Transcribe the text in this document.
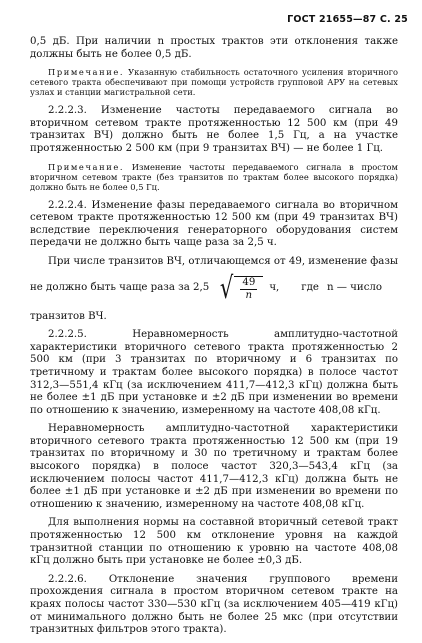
ГОСТ 21655—87 С. 25

0,5 дБ. При наличии n простых трактов эти отклонения также должны быть не более 0,5 дБ.

Примечание. Указанную стабильность остаточного усиления вторичного сетевого тракта обеспечивают при помощи устройств групповой АРУ на сетевых узлах и станции магистральной сети.

2.2.2.3. Изменение частоты передаваемого сигнала во вторичном сетевом тракте протяженностью 12 500 км (при 49 транзитах ВЧ) должно быть не более 1,5 Гц, а на участке протяженностью 2 500 км (при 9 транзитах ВЧ) — не более 1 Гц.

Примечание. Изменение частоты передаваемого сигнала в простом вторичном сетевом тракте (без транзитов по трактам более высокого порядка) должно быть не более 0,5 Гц.

2.2.2.4. Изменение фазы передаваемого сигнала во вторичном сетевом тракте протяженностью 12 500 км (при 49 транзитах ВЧ) вследствие переключения генераторного оборудования систем передачи не должно быть чаще раза за 2,5 ч.

При числе транзитов ВЧ, отличающемся от 49, изменение фазы

не должно быть чаще раза за 2,5 √ $\frac{49}{n} ч$, где n — число

транзитов ВЧ.

2.2.2.5. Неравномерность амплитудно-частотной характеристики вторичного сетевого тракта протяженностью 2 500 км (при 3 транзитах по вторичному и 6 транзитах по третичному и трактам более высокого порядка) в полосе частот 312,3—551,4 кГц (за исключением 411,7—412,3 кГц) должна быть не более ±1 дБ при установке и ±2 дБ при изменении во времени по отношению к значению, измеренному на частоте 408,08 кГц.

Неравномерность амплитудно-частотной характеристики вторичного сетевого тракта протяженностью 12 500 км (при 19 транзитах по вторичному и 30 по третичному и трактам более высокого порядка) в полосе частот 320,3—543,4 кГц (за исключением полосы частот 411,7—412,3 кГц) должна быть не более ±1 дБ при установке и ±2 дБ при изменении во времени по отношению к значению, измеренному на частоте 408,08 кГц.

Для выполнения нормы на составной вторичный сетевой тракт протяженностью 12 500 км отклонение уровня на каждой транзитной станции по отношению к уровню на частоте 408,08 кГц должно быть при установке не более ±0,3 дБ.

2.2.2.6. Отклонение значения группового времени прохождения сигнала в простом вторичном сетевом тракте на краях полосы частот 330—530 кГц (за исключением 405—419 кГц) от минимального должно быть не более 25 мкс (при отсутствии транзитных фильтров этого тракта).
